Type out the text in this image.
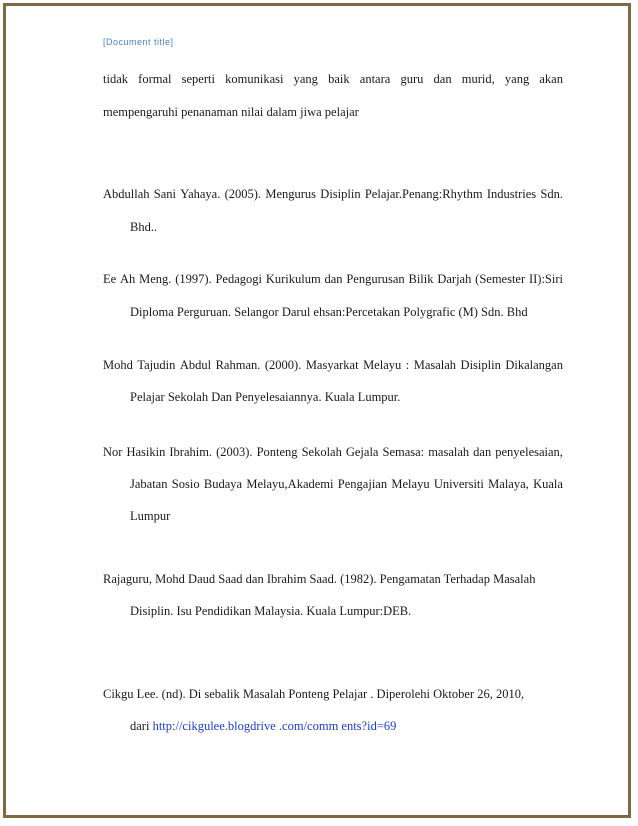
[Document title]
tidak formal seperti komunikasi yang baik antara guru dan murid, yang akan
mempengaruhi penanaman nilai dalam jiwa pelajar
Abdullah Sani Yahaya. (2005). Mengurus Disiplin Pelajar.Penang:Rhythm Industries Sdn.
Bhd..
Ee Ah Meng. (1997). Pedagogi Kurikulum dan Pengurusan Bilik Darjah (Semester II):Siri
Diploma Perguruan. Selangor Darul ehsan:Percetakan Polygrafic (M) Sdn. Bhd
Mohd Tajudin Abdul Rahman. (2000). Masyarkat Melayu : Masalah Disiplin Dikalangan
Pelajar Sekolah Dan Penyelesaiannya. Kuala Lumpur.
Nor Hasikin Ibrahim. (2003). Ponteng Sekolah Gejala Semasa: masalah dan penyelesaian,
Jabatan Sosio Budaya Melayu,Akademi Pengajian Melayu Universiti Malaya, Kuala
Lumpur
Rajaguru, Mohd Daud Saad dan Ibrahim Saad. (1982). Pengamatan Terhadap Masalah
Disiplin. Isu Pendidikan Malaysia. Kuala Lumpur:DEB.
Cikgu Lee. (nd). Di sebalik Masalah Ponteng Pelajar . Diperolehi Oktober 26, 2010,
dari http://cikgulee.blogdrive .com/comm ents?id=69
